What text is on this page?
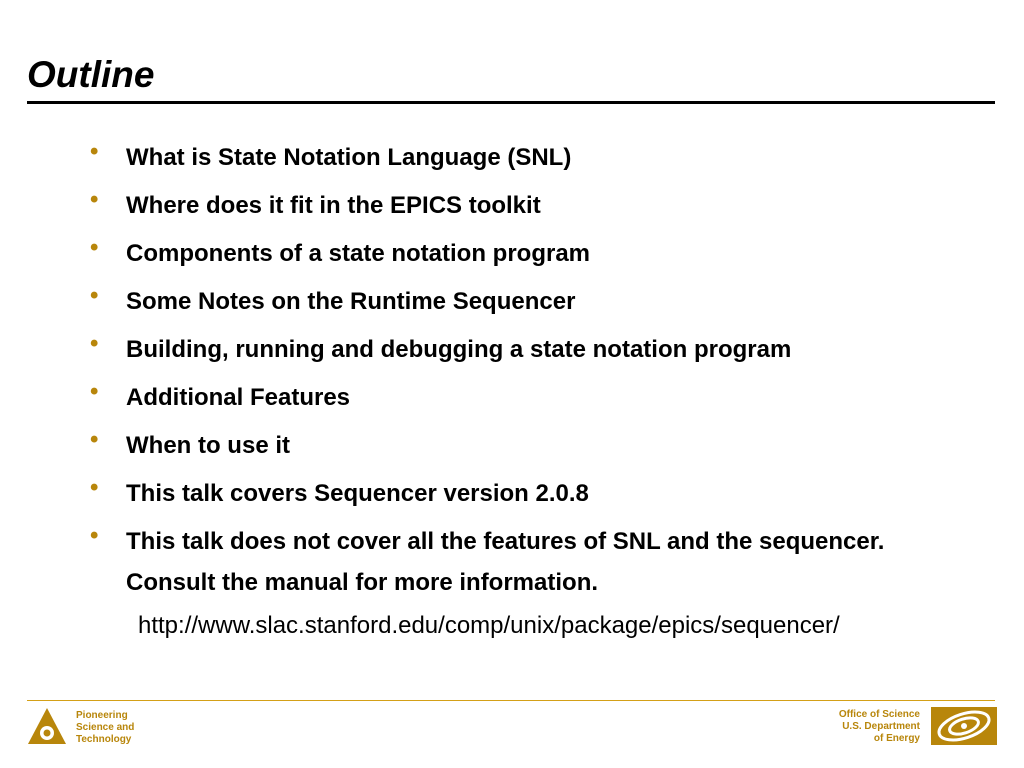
Outline
•	What is State Notation Language (SNL)
•	Where does it fit in the EPICS toolkit
•	Components of a state notation program
•	Some Notes on the Runtime Sequencer
•	Building, running and debugging a state notation program
•	Additional Features
•	When to use it
•	This talk covers Sequencer version 2.0.8
•	This talk does not cover all the features of SNL and the sequencer. Consult the manual for more information.
http://www.slac.stanford.edu/comp/unix/package/epics/sequencer/
Pioneering
Science and
Technology
Office of Science
U.S. Department
of Energy
